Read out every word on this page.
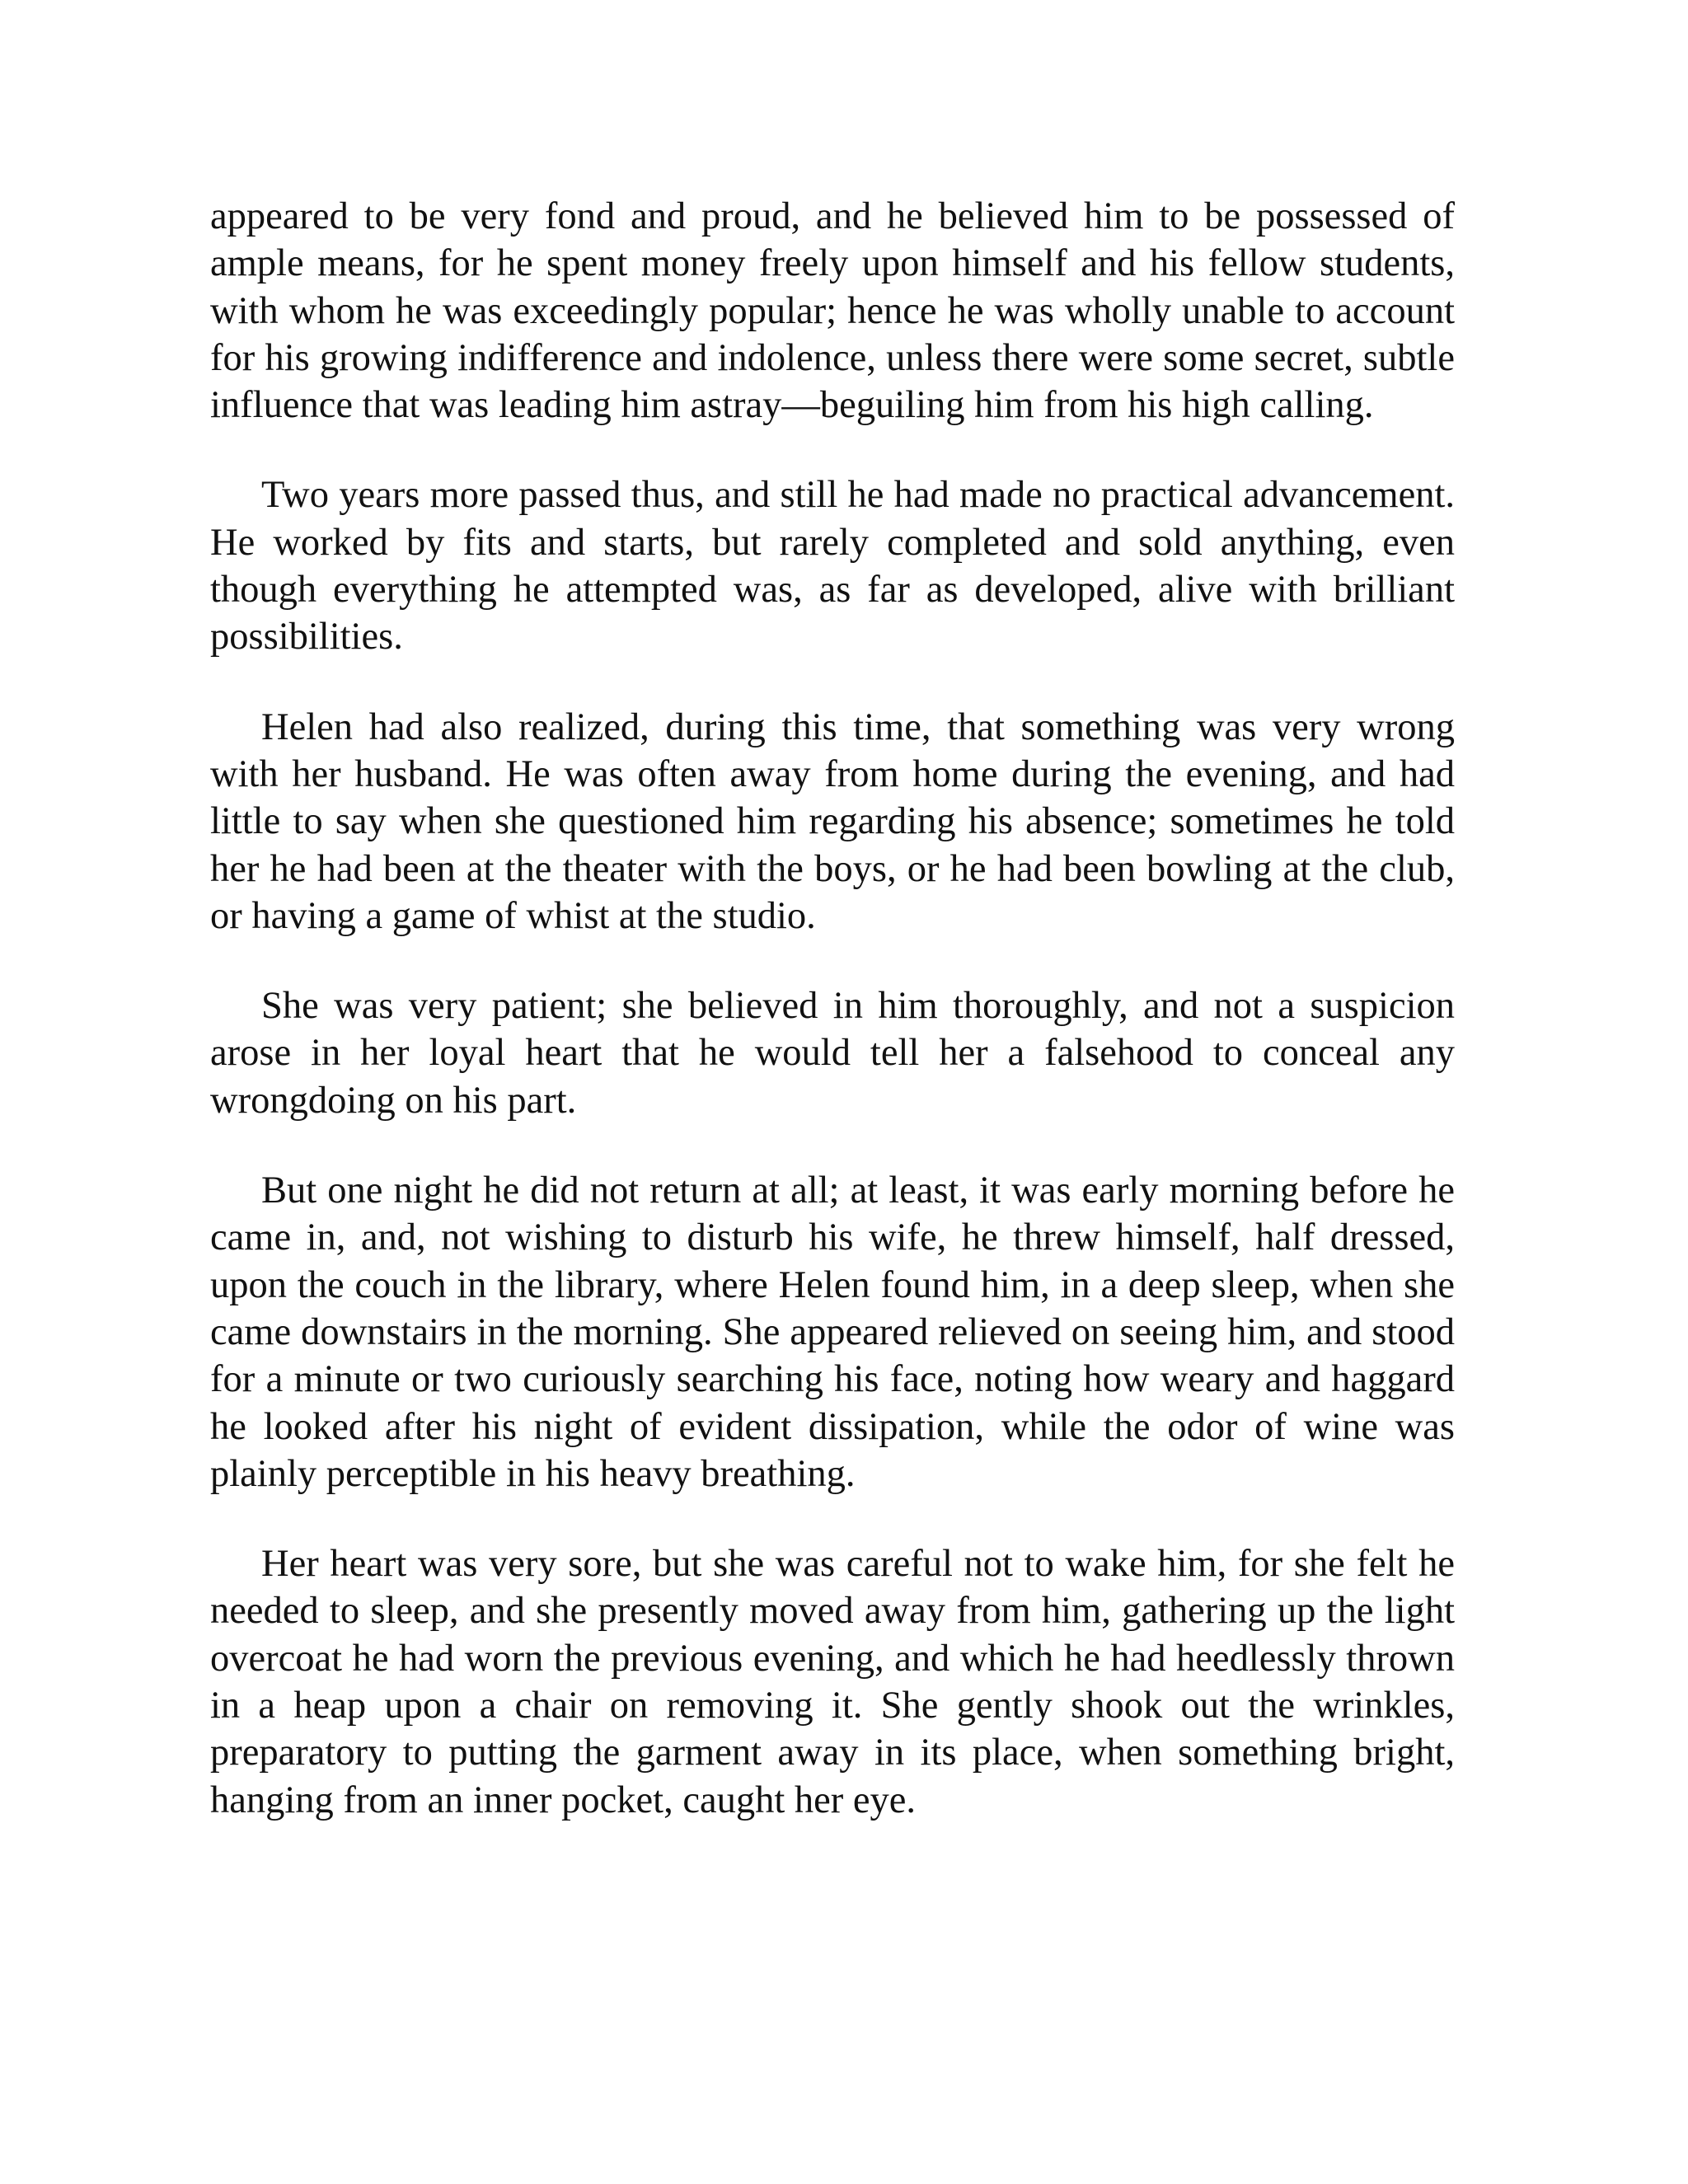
appeared to be very fond and proud, and he believed him to be possessed of ample means, for he spent money freely upon himself and his fellow students, with whom he was exceedingly popular; hence he was wholly unable to account for his growing indifference and indolence, unless there were some secret, subtle influence that was leading him astray—beguiling him from his high calling.

Two years more passed thus, and still he had made no practical advancement. He worked by fits and starts, but rarely completed and sold anything, even though everything he attempted was, as far as developed, alive with brilliant possibilities.

Helen had also realized, during this time, that something was very wrong with her husband. He was often away from home during the evening, and had little to say when she questioned him regarding his absence; sometimes he told her he had been at the theater with the boys, or he had been bowling at the club, or having a game of whist at the studio.

She was very patient; she believed in him thoroughly, and not a suspicion arose in her loyal heart that he would tell her a falsehood to conceal any wrongdoing on his part.

But one night he did not return at all; at least, it was early morning before he came in, and, not wishing to disturb his wife, he threw himself, half dressed, upon the couch in the library, where Helen found him, in a deep sleep, when she came downstairs in the morning. She appeared relieved on seeing him, and stood for a minute or two curiously searching his face, noting how weary and haggard he looked after his night of evident dissipation, while the odor of wine was plainly perceptible in his heavy breathing.

Her heart was very sore, but she was careful not to wake him, for she felt he needed to sleep, and she presently moved away from him, gathering up the light overcoat he had worn the previous evening, and which he had heedlessly thrown in a heap upon a chair on removing it. She gently shook out the wrinkles, preparatory to putting the garment away in its place, when something bright, hanging from an inner pocket, caught her eye.
